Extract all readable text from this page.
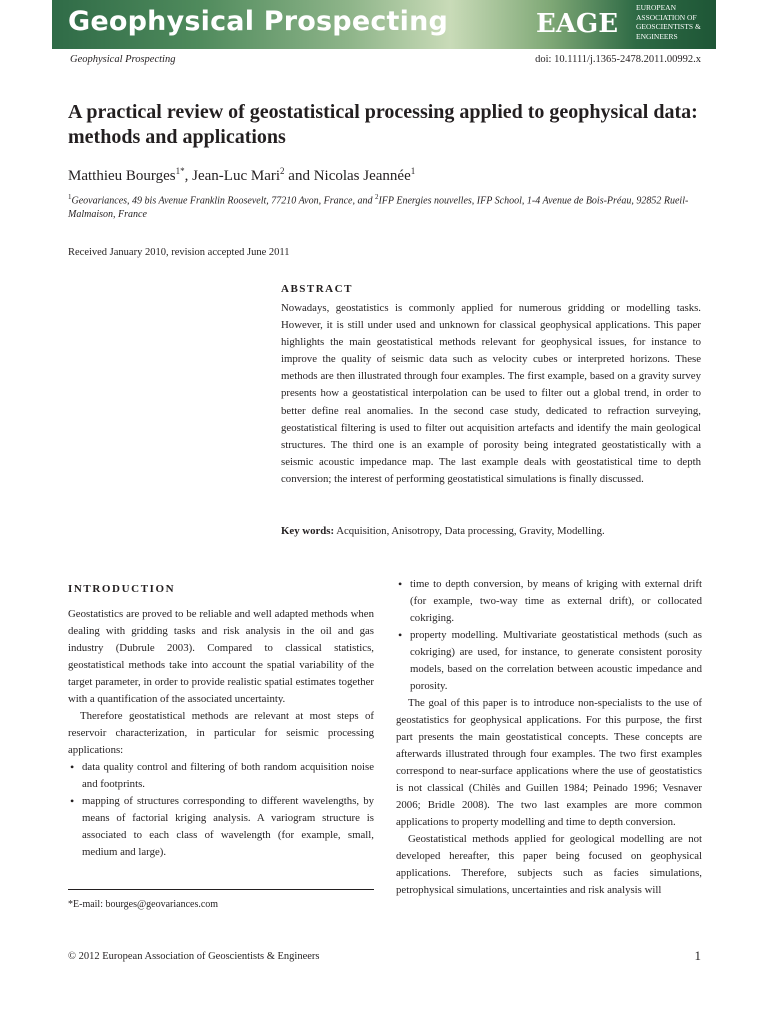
Geophysical Prospecting	EAGE
EUROPEAN
ASSOCIATION OF
GEOSCIENTISTS &
ENGINEERS
Geophysical Prospecting	doi: 10.1111/j.1365-2478.2011.00992.x
A practical review of geostatistical processing applied to geophysical data: methods and applications
Matthieu Bourges$^{1*}$, Jean-Luc Mari$^2$ and Nicolas Jeannée$^1$
$^1$Geovariances, 49 bis Avenue Franklin Roosevelt, 77210 Avon, France, and $^2$IFP Energies nouvelles, IFP School, 1-4 Avenue de Bois-Préau, 92852 Rueil-Malmaison, France
Received January 2010, revision accepted June 2011
ABSTRACT
Nowadays, geostatistics is commonly applied for numerous gridding or modelling tasks. However, it is still under used and unknown for classical geophysical applications. This paper highlights the main geostatistical methods relevant for geophysical issues, for instance to improve the quality of seismic data such as velocity cubes or interpreted horizons. These methods are then illustrated through four examples. The first example, based on a gravity survey presents how a geostatistical interpolation can be used to filter out a global trend, in order to better define real anomalies. In the second case study, dedicated to refraction surveying, geostatistical filtering is used to filter out acquisition artefacts and identify the main geological structures. The third one is an example of porosity being integrated geostatistically with a seismic acoustic impedance map. The last example deals with geostatistical time to depth conversion; the interest of performing geostatistical simulations is finally discussed.
Key words: Acquisition, Anisotropy, Data processing, Gravity, Modelling.
INTRODUCTION

Geostatistics are proved to be reliable and well adapted methods when dealing with gridding tasks and risk analysis in the oil and gas industry (Dubrule 2003). Compared to classical statistics, geostatistical methods take into account the spatial variability of the target parameter, in order to provide realistic spatial estimates together with a quantification of the associated uncertainty.

Therefore geostatistical methods are relevant at most steps of reservoir characterization, in particular for seismic processing applications:

• data quality control and filtering of both random acquisition noise and footprints.
• mapping of structures corresponding to different wavelengths, by means of factorial kriging analysis. A variogram structure is associated to each class of wavelength (for example, small, medium and large).
• time to depth conversion, by means of kriging with external drift (for example, two-way time as external drift), or collocated cokriging.
• property modelling. Multivariate geostatistical methods (such as cokriging) are used, for instance, to generate consistent porosity models, based on the correlation between acoustic impedance and porosity.

The goal of this paper is to introduce non-specialists to the use of geostatistics for geophysical applications. For this purpose, the first part presents the main geostatistical concepts. These concepts are afterwards illustrated through four examples. The two first examples correspond to near-surface applications where the use of geostatistics is not classical (Chilès and Guillen 1984; Peinado 1996; Vesnaver 2006; Bridle 2008). The two last examples are more common applications to property modelling and time to depth conversion.

Geostatistical methods applied for geological modelling are not developed hereafter, this paper being focused on geophysical applications. Therefore, subjects such as facies simulations, petrophysical simulations, uncertainties and risk analysis will

*E-mail: bourges@geovariances.com
© 2012 European Association of Geoscientists & Engineers	1
